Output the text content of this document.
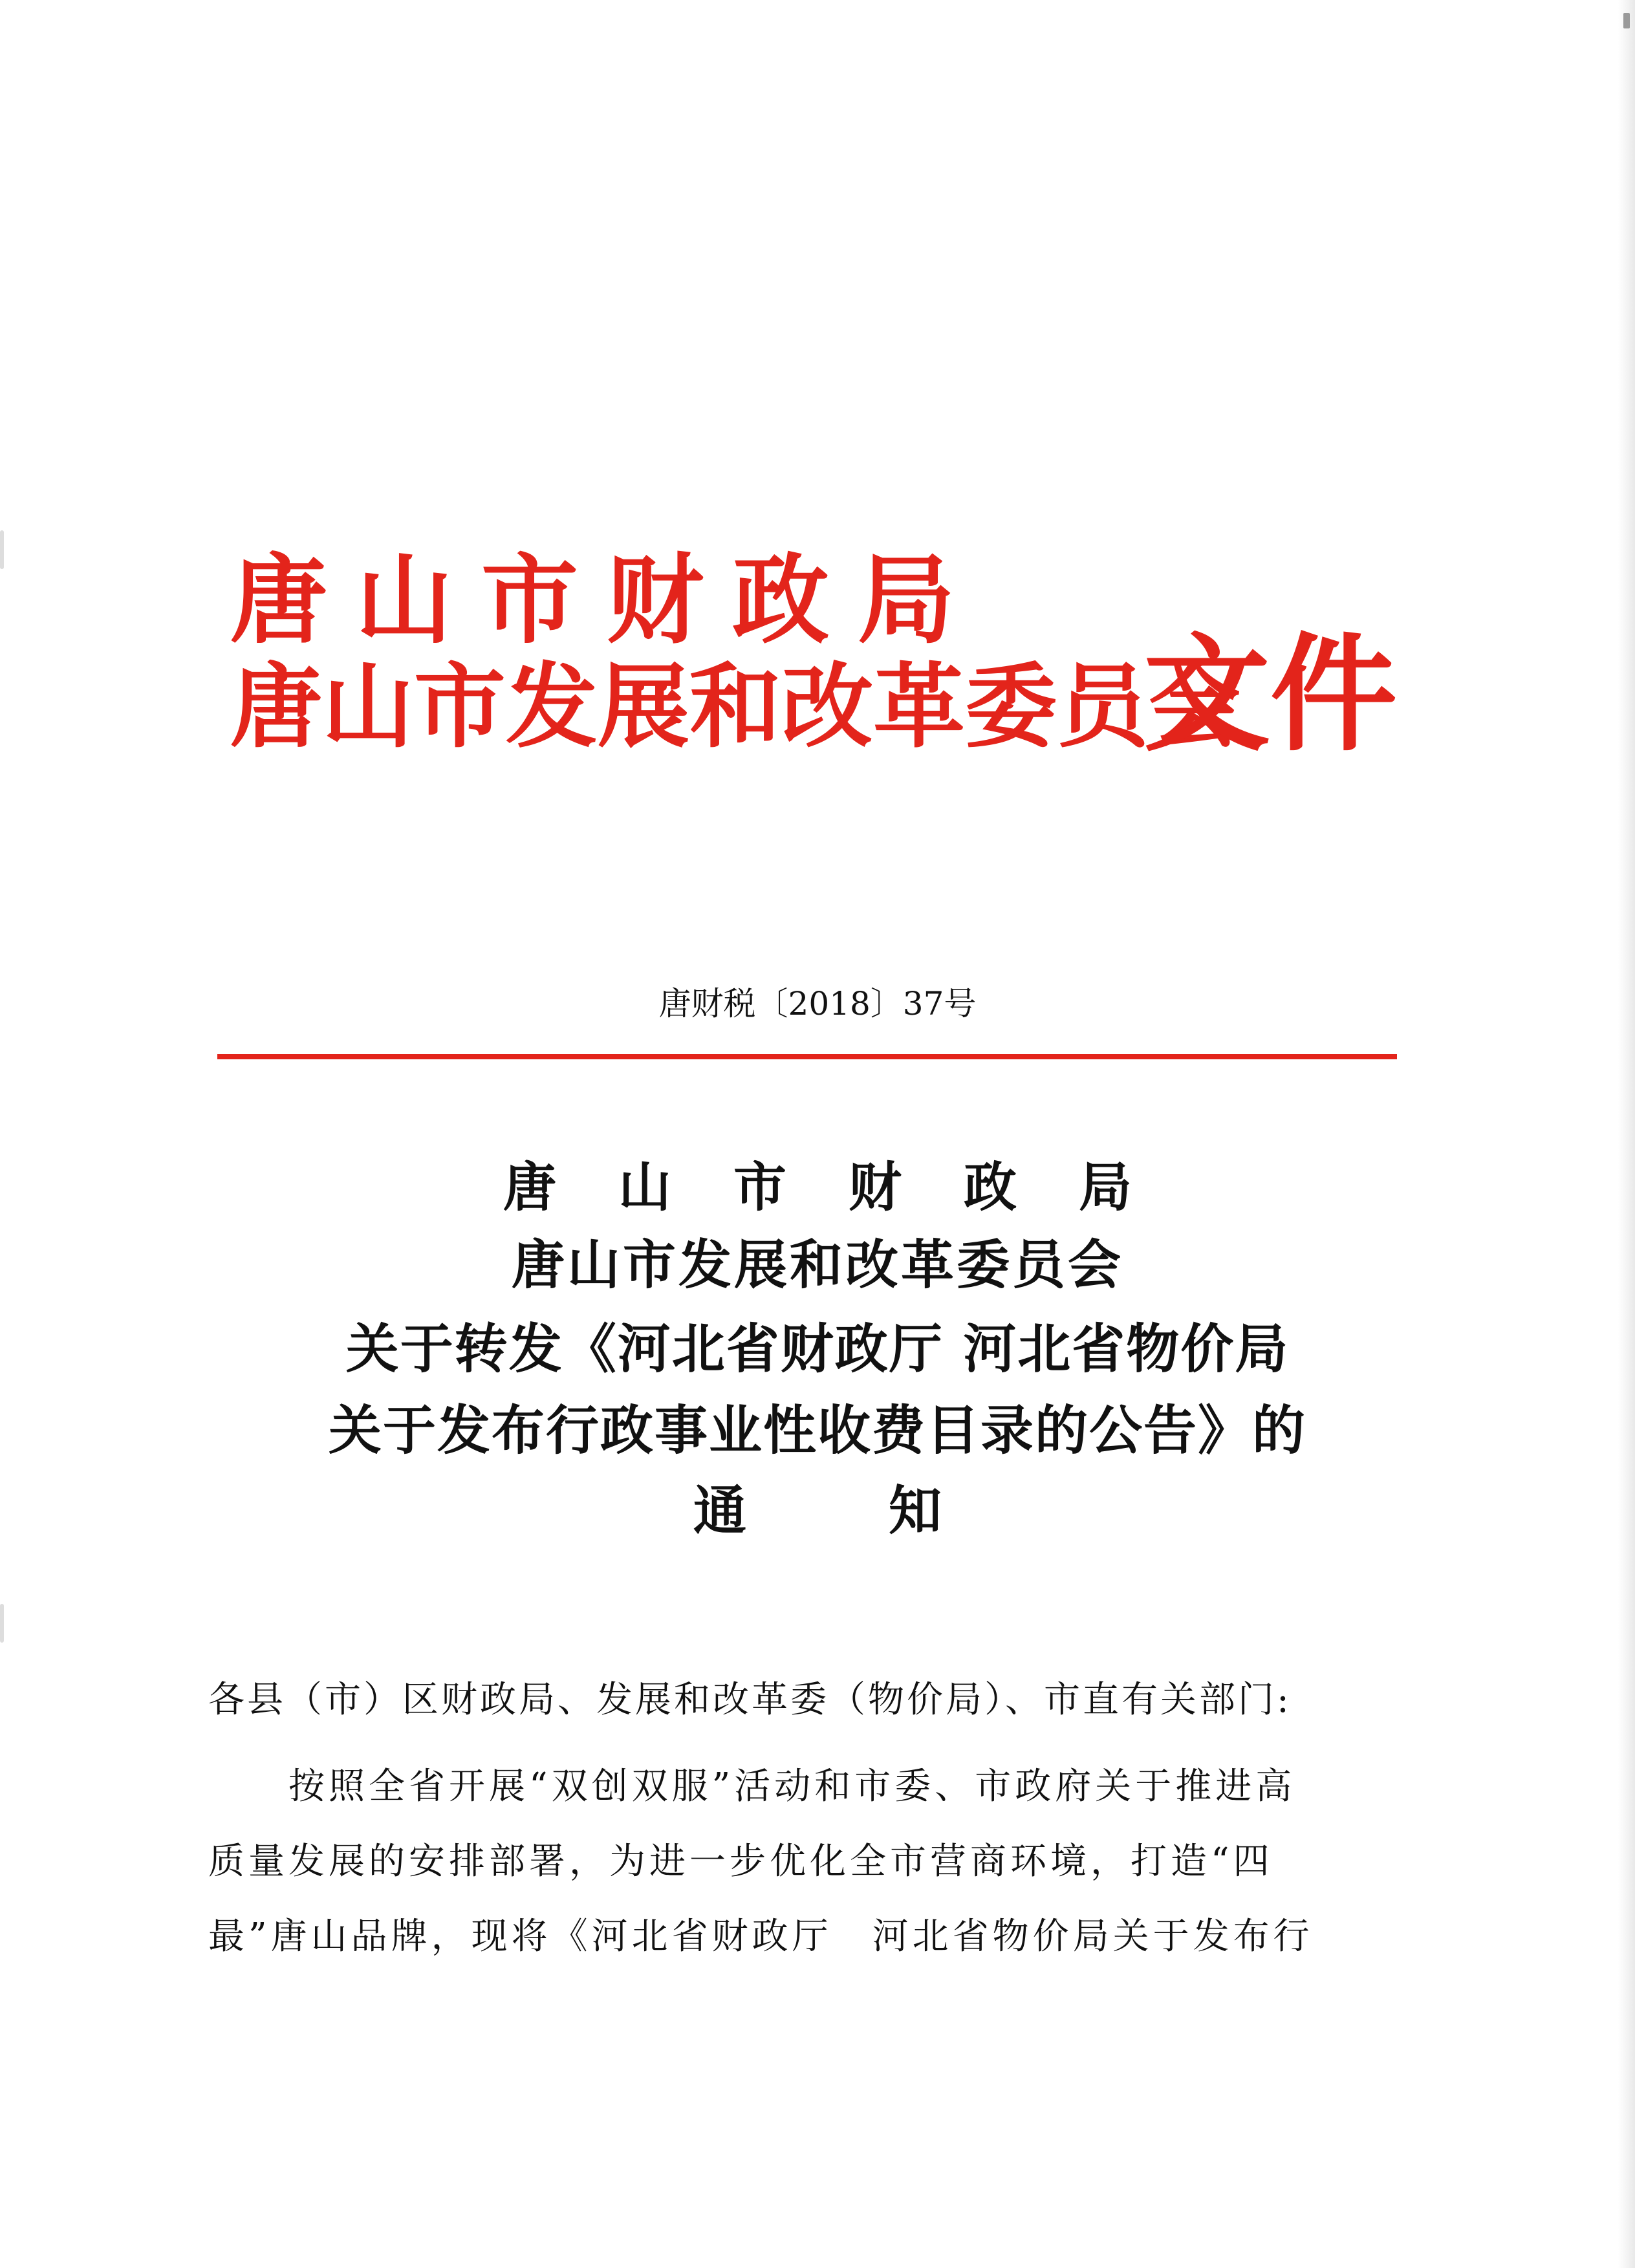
唐山市财政局
唐山市发展和改革委员会
文件
唐财税〔2018〕37号
唐山市财政局
唐山市发展和改革委员会
关于转发《河北省财政厅 河北省物价局
关于发布行政事业性收费目录的公告》的
通知
各县（市）区财政局、发展和改革委（物价局）、市直有关部门:
按照全省开展“双创双服”活动和市委、市政府关于推进高
质量发展的安排部署，为进一步优化全市营商环境，打造“四
最”唐山品牌，现将《河北省财政厅　河北省物价局关于发布行
